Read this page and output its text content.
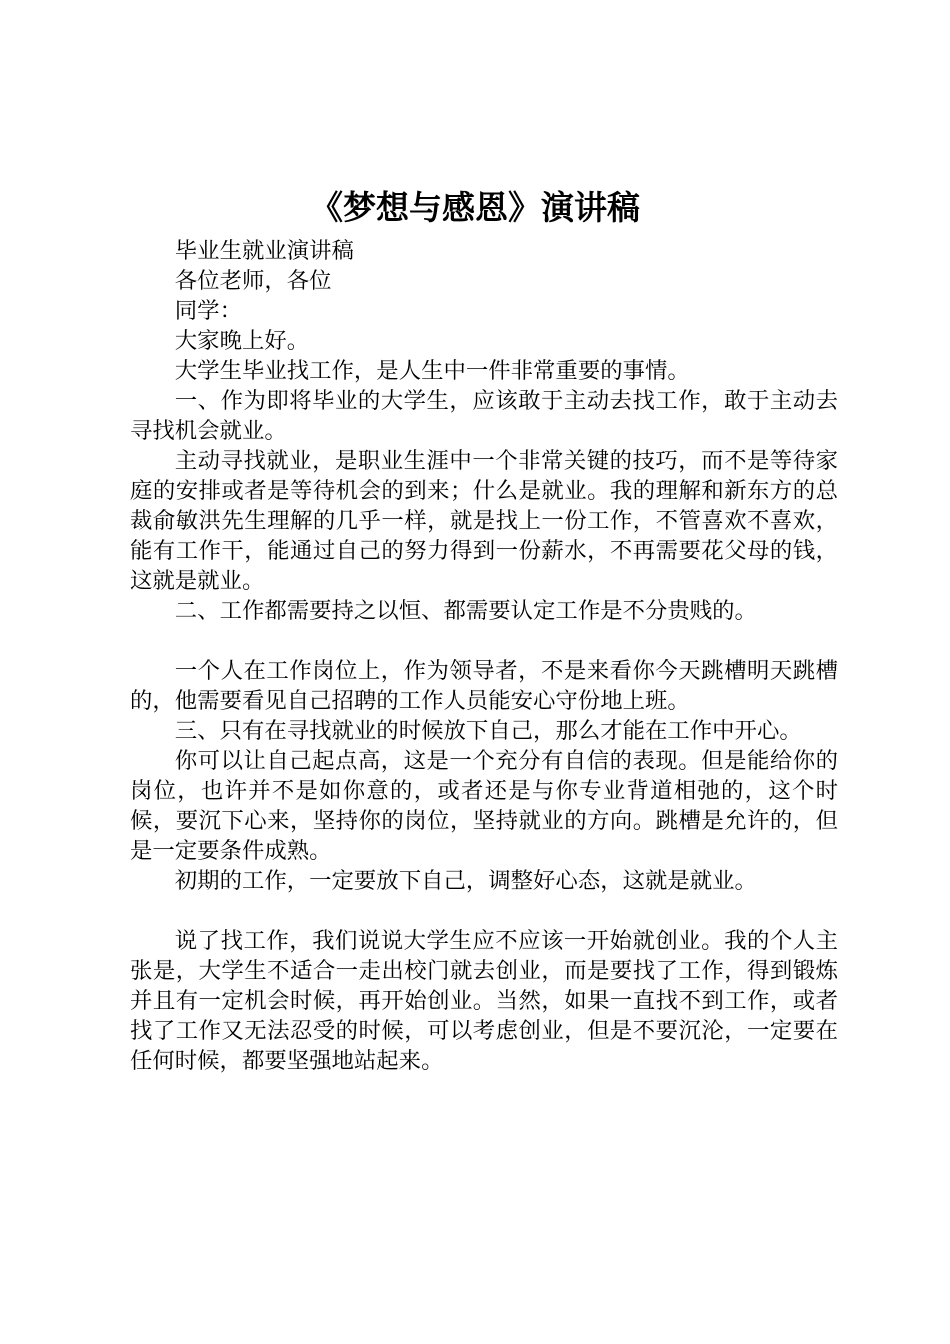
《梦想与感恩》演讲稿

毕业生就业演讲稿

各位老师，各位

同学：

大家晚上好。

大学生毕业找工作，是人生中一件非常重要的事情。

一、作为即将毕业的大学生，应该敢于主动去找工作，敢于主动去寻找机会就业。

主动寻找就业，是职业生涯中一个非常关键的技巧，而不是等待家庭的安排或者是等待机会的到来；什么是就业。我的理解和新东方的总裁俞敏洪先生理解的几乎一样，就是找上一份工作，不管喜欢不喜欢，能有工作干，能通过自己的努力得到一份薪水，不再需要花父母的钱，这就是就业。

二、工作都需要持之以恒、都需要认定工作是不分贵贱的。

一个人在工作岗位上，作为领导者，不是来看你今天跳槽明天跳槽的，他需要看见自己招聘的工作人员能安心守份地上班。

三、只有在寻找就业的时候放下自己，那么才能在工作中开心。

你可以让自己起点高，这是一个充分有自信的表现。但是能给你的岗位，也许并不是如你意的，或者还是与你专业背道相弛的，这个时候，要沉下心来，坚持你的岗位，坚持就业的方向。跳槽是允许的，但是一定要条件成熟。

初期的工作，一定要放下自己，调整好心态，这就是就业。

说了找工作，我们说说大学生应不应该一开始就创业。我的个人主张是，大学生不适合一走出校门就去创业，而是要找了工作，得到锻炼并且有一定机会时候，再开始创业。当然，如果一直找不到工作，或者找了工作又无法忍受的时候，可以考虑创业，但是不要沉沦，一定要在任何时候，都要坚强地站起来。
